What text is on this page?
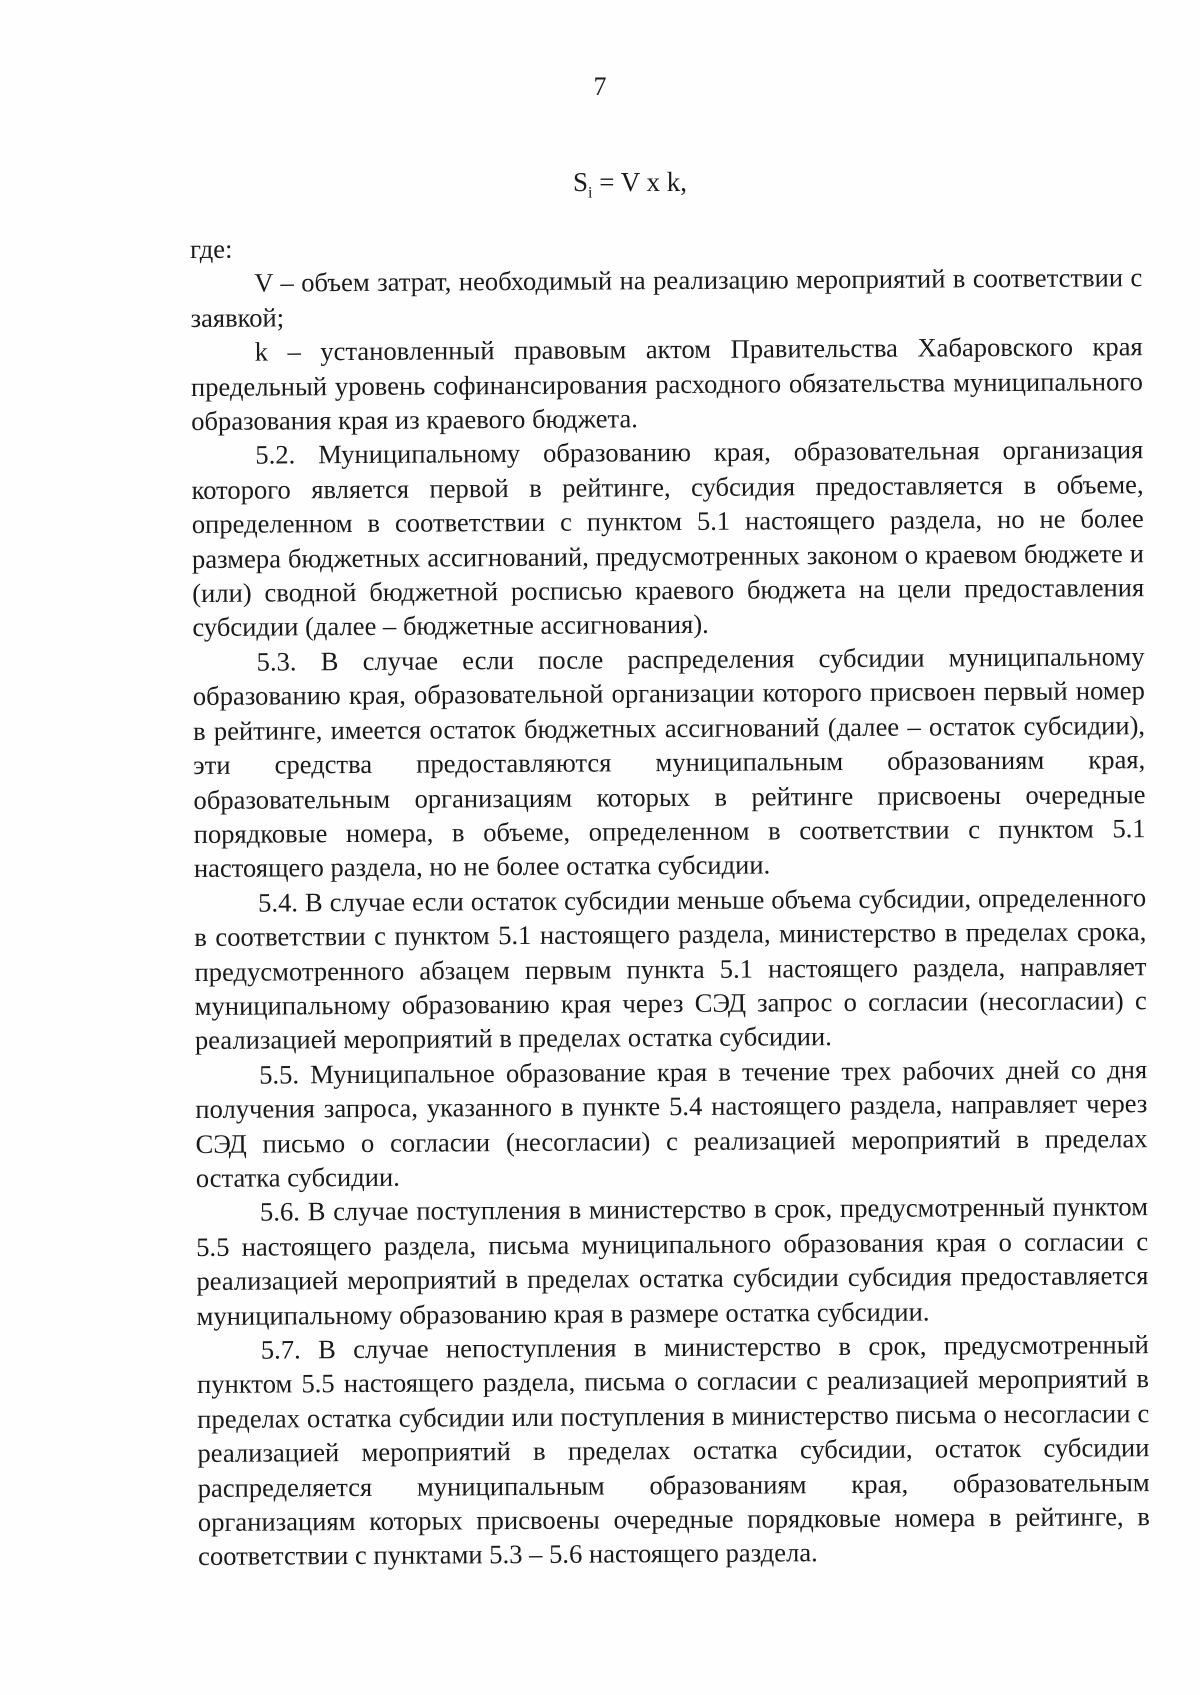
7
$S_i = V$ x k,

где:

V – объем затрат, необходимый на реализацию мероприятий в соответствии с заявкой;

k – установленный правовым актом Правительства Хабаровского края предельный уровень софинансирования расходного обязательства муниципального образования края из краевого бюджета.

5.2. Муниципальному образованию края, образовательная организация которого является первой в рейтинге, субсидия предоставляется в объеме, определенном в соответствии с пунктом 5.1 настоящего раздела, но не более размера бюджетных ассигнований, предусмотренных законом о краевом бюджете и (или) сводной бюджетной росписью краевого бюджета на цели предоставления субсидии (далее – бюджетные ассигнования).

5.3. В случае если после распределения субсидии муниципальному образованию края, образовательной организации которого присвоен первый номер в рейтинге, имеется остаток бюджетных ассигнований (далее – остаток субсидии), эти средства предоставляются муниципальным образованиям края, образовательным организациям которых в рейтинге присвоены очередные порядковые номера, в объеме, определенном в соответствии с пунктом 5.1 настоящего раздела, но не более остатка субсидии.

5.4. В случае если остаток субсидии меньше объема субсидии, определенного в соответствии с пунктом 5.1 настоящего раздела, министерство в пределах срока, предусмотренного абзацем первым пункта 5.1 настоящего раздела, направляет муниципальному образованию края через СЭД запрос о согласии (несогласии) с реализацией мероприятий в пределах остатка субсидии.

5.5. Муниципальное образование края в течение трех рабочих дней со дня получения запроса, указанного в пункте 5.4 настоящего раздела, направляет через СЭД письмо о согласии (несогласии) с реализацией мероприятий в пределах остатка субсидии.

5.6. В случае поступления в министерство в срок, предусмотренный пунктом 5.5 настоящего раздела, письма муниципального образования края о согласии с реализацией мероприятий в пределах остатка субсидии субсидия предоставляется муниципальному образованию края в размере остатка субсидии.

5.7. В случае непоступления в министерство в срок, предусмотренный пунктом 5.5 настоящего раздела, письма о согласии с реализацией мероприятий в пределах остатка субсидии или поступления в министерство письма о несогласии с реализацией мероприятий в пределах остатка субсидии, остаток субсидии распределяется муниципальным образованиям края, образовательным организациям которых присвоены очередные порядковые номера в рейтинге, в соответствии с пунктами 5.3 – 5.6 настоящего раздела.
